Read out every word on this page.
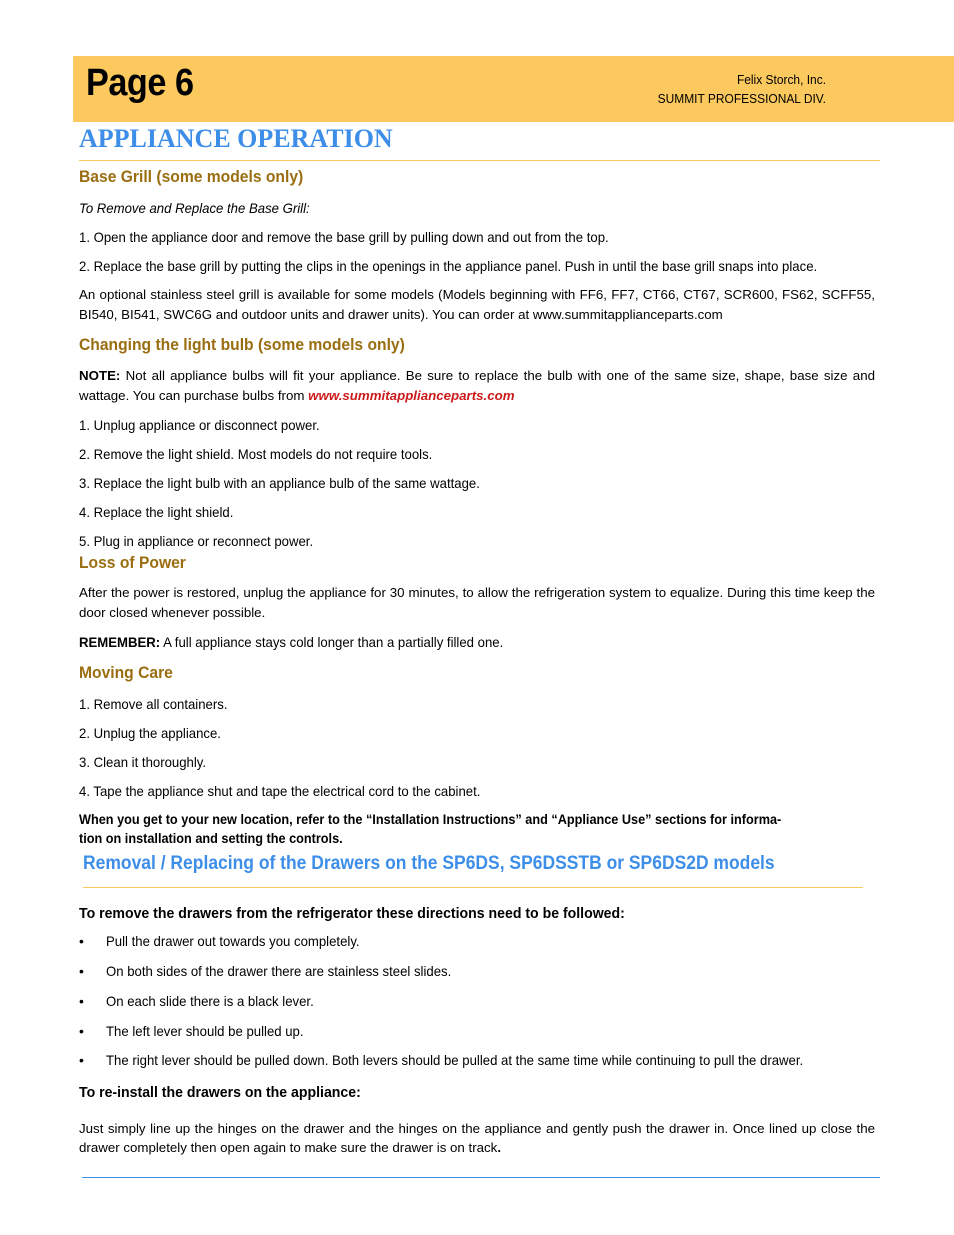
Page 6	Felix Storch, Inc.
SUMMIT PROFESSIONAL DIV.
APPLIANCE OPERATION
Base Grill (some models only)
To Remove and Replace the Base Grill:
1. Open the appliance door and remove the base grill by pulling down and out from the top.
2. Replace the base grill by putting the clips in the openings in the appliance panel. Push in until the base grill snaps into place.
An optional stainless steel grill is available for some models (Models beginning with FF6, FF7, CT66, CT67, SCR600, FS62, SCFF55, BI540, BI541, SWC6G and outdoor units and drawer units). You can order at www.summitapplianceparts.com
Changing the light bulb (some models only)
NOTE: Not all appliance bulbs will fit your appliance. Be sure to replace the bulb with one of the same size, shape, base size and wattage. You can purchase bulbs from www.summitapplianceparts.com
1. Unplug appliance or disconnect power.
2. Remove the light shield. Most models do not require tools.
3. Replace the light bulb with an appliance bulb of the same wattage.
4. Replace the light shield.
5. Plug in appliance or reconnect power.
Loss of Power
After the power is restored, unplug the appliance for 30 minutes, to allow the refrigeration system to equalize. During this time keep the door closed whenever possible.
REMEMBER: A full appliance stays cold longer than a partially filled one.
Moving Care
1. Remove all containers.
2. Unplug the appliance.
3. Clean it thoroughly.
4. Tape the appliance shut and tape the electrical cord to the cabinet.
When you get to your new location, refer to the “Installation Instructions” and “Appliance Use” sections for informa-
tion on installation and setting the controls.
Removal / Replacing of the Drawers on the SP6DS, SP6DSSTB or SP6DS2D models
To remove the drawers from the refrigerator these directions need to be followed:
• Pull the drawer out towards you completely.
• On both sides of the drawer there are stainless steel slides.
• On each slide there is a black lever.
• The left lever should be pulled up.
• The right lever should be pulled down. Both levers should be pulled at the same time while continuing to pull the drawer.
To re-install the drawers on the appliance:
Just simply line up the hinges on the drawer and the hinges on the appliance and gently push the drawer in. Once lined up close the drawer completely then open again to make sure the drawer is on track.
